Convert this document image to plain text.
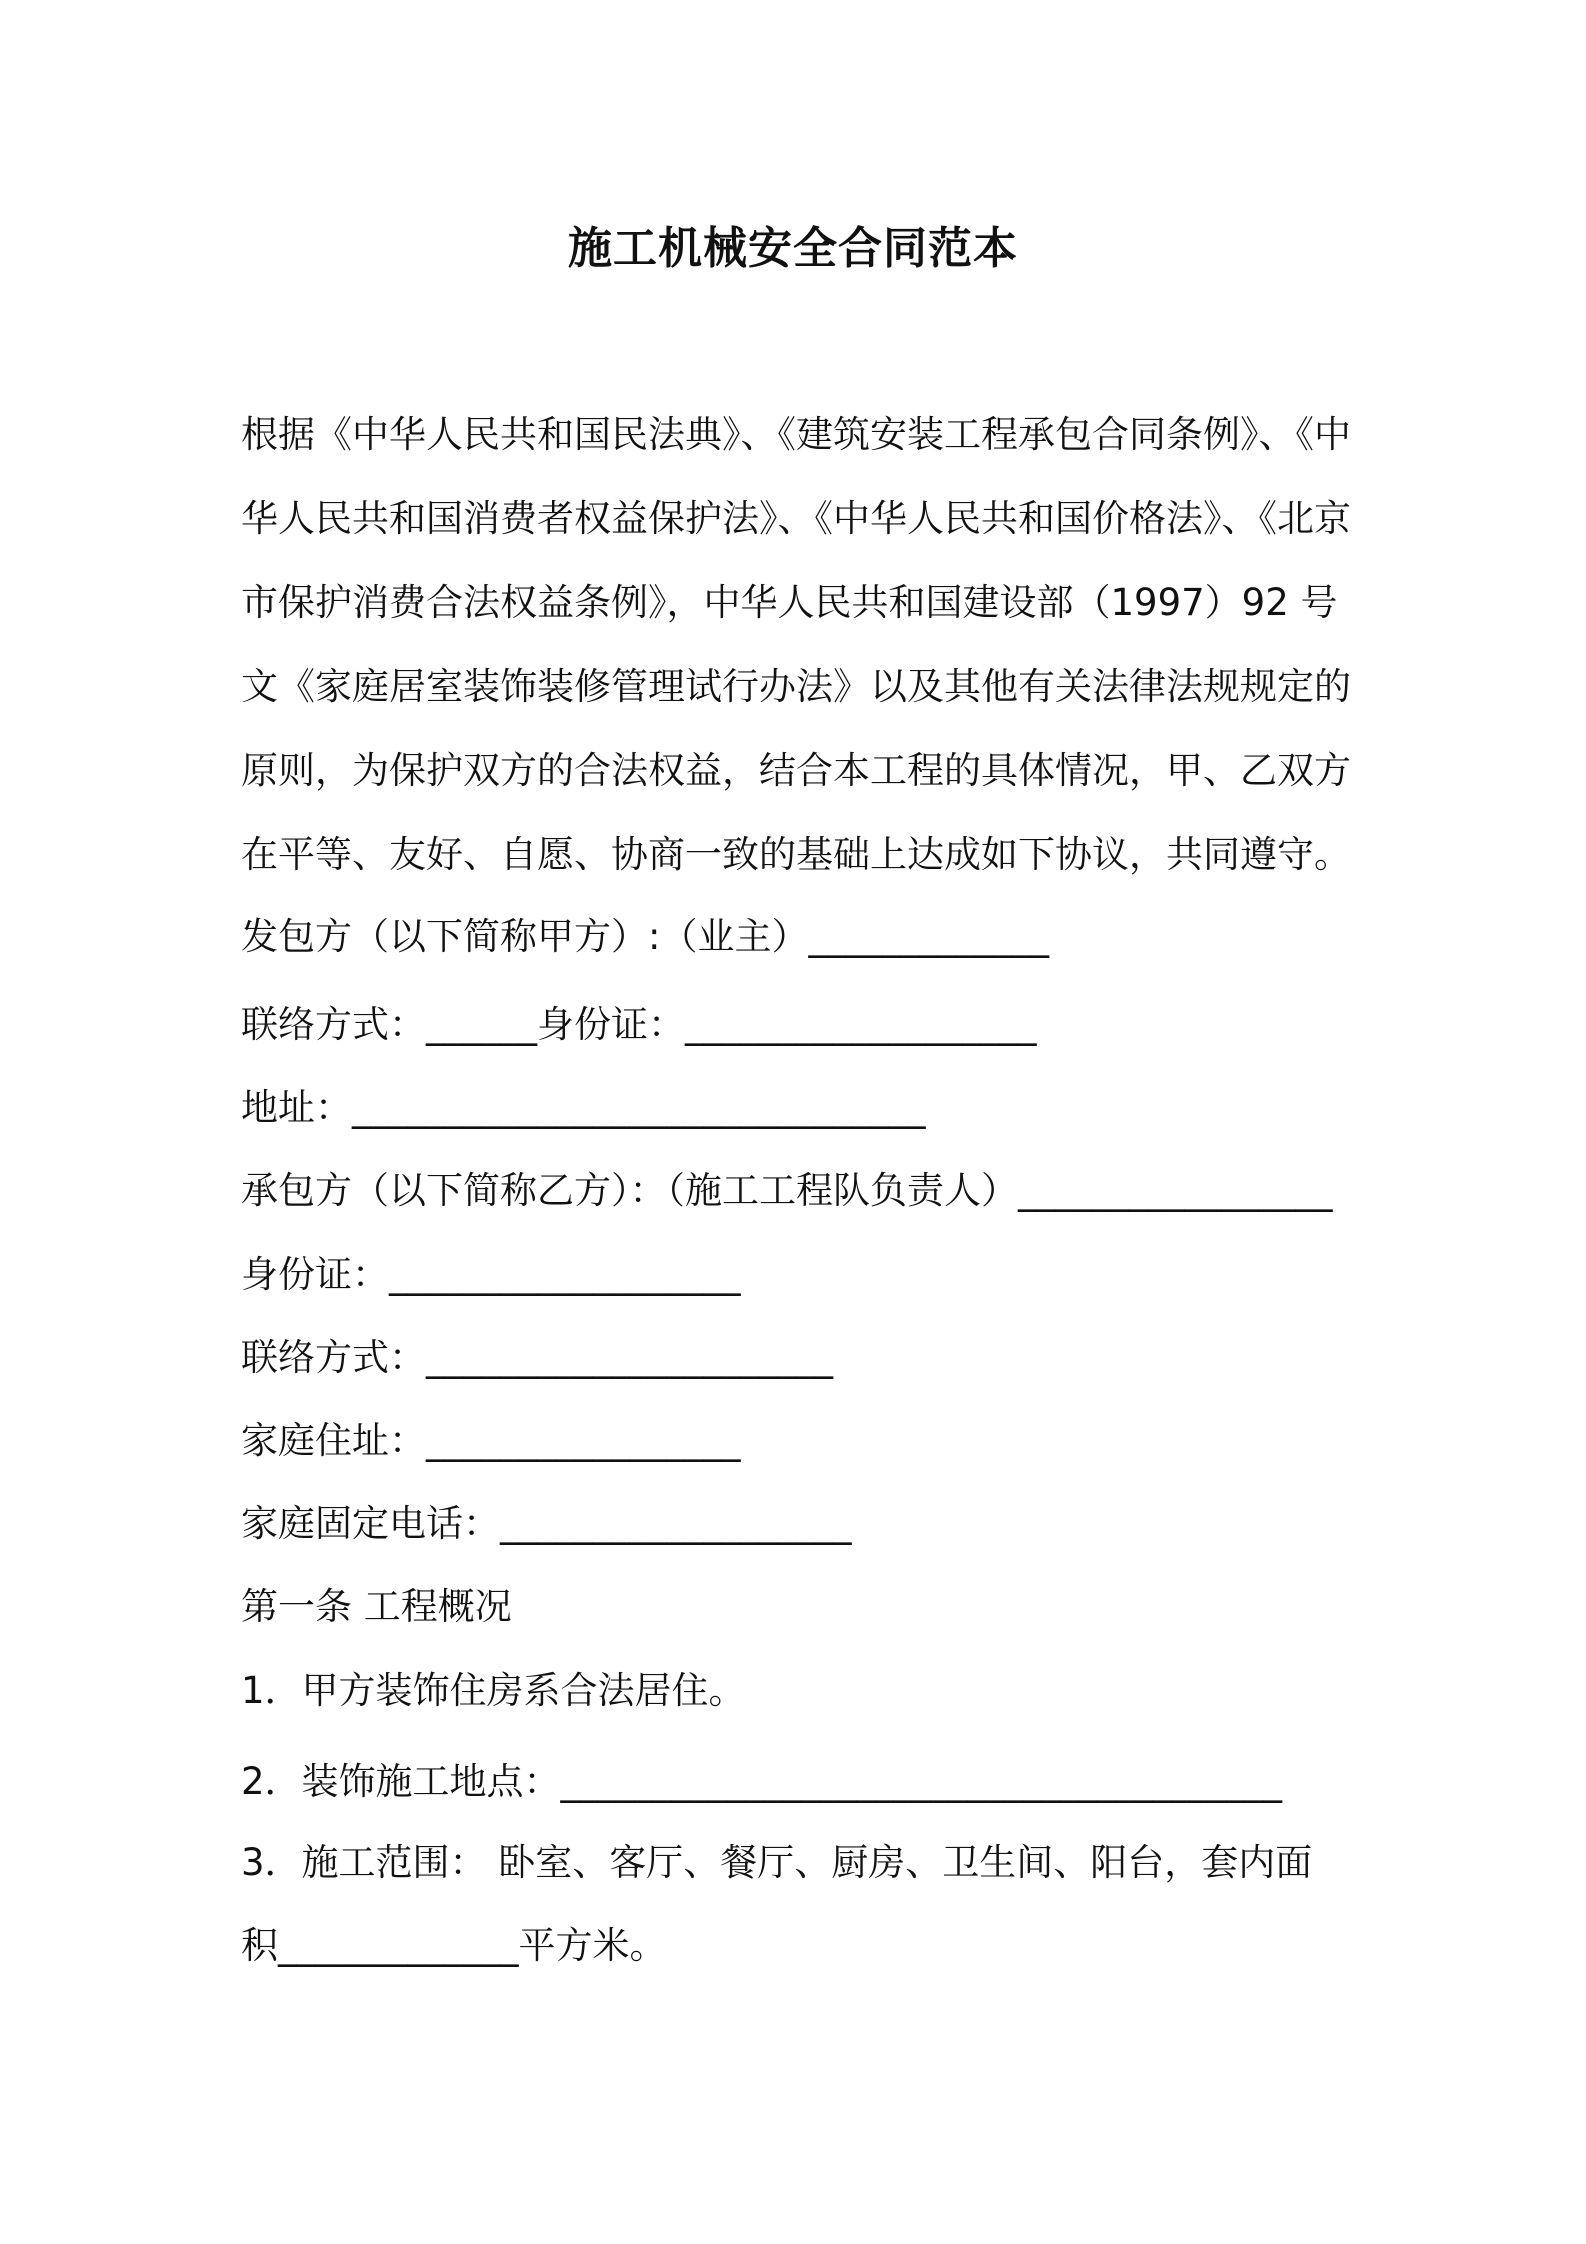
施工机械安全合同范本
根据《中华人民共和国民法典》、《建筑安装工程承包合同条例》、《中
华人民共和国消费者权益保护法》、《中华人民共和国价格法》、《北京
市保护消费合法权益条例》，中华人民共和国建设部（1997）92 号
文《家庭居室装饰装修管理试行办法》以及其他有关法律法规规定的
原则，为保护双方的合法权益，结合本工程的具体情况，甲、乙双方
在平等、友好、自愿、协商一致的基础上达成如下协议，共同遵守。
发包方（以下简称甲方）:（业主）_____________
联络方式：______身份证：___________________
地址：_______________________________
承包方（以下简称乙方）：（施工工程队负责人）_________________
身份证：___________________
联络方式：______________________
家庭住址：_________________
家庭固定电话：___________________
第一条 工程概况
1．甲方装饰住房系合法居住。
2．装饰施工地点：_______________________________________
3．施工范围： 卧室、客厅、餐厅、厨房、卫生间、阳台，套内面
积_____________平方米。
